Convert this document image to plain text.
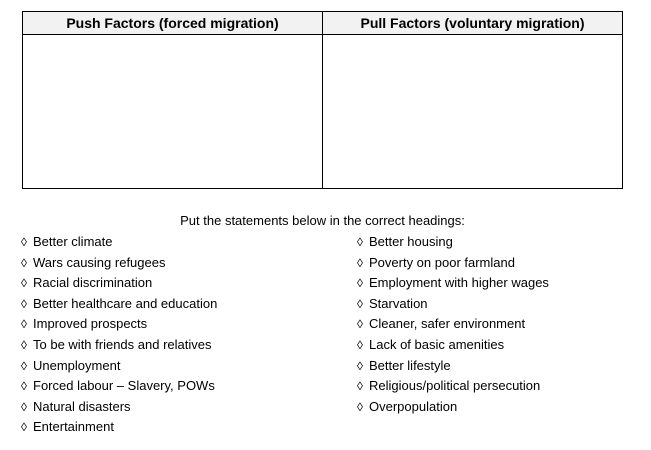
Push Factors (forced migration)	Pull Factors (voluntary migration)

Put the statements below in the correct headings:
◊ Better climate
◊ Wars causing refugees
◊ Racial discrimination
◊ Better healthcare and education
◊ Improved prospects
◊ To be with friends and relatives
◊ Unemployment
◊ Forced labour – Slavery, POWs
◊ Natural disasters
◊ Entertainment
◊ Better housing
◊ Poverty on poor farmland
◊ Employment with higher wages
◊ Starvation
◊ Cleaner, safer environment
◊ Lack of basic amenities
◊ Better lifestyle
◊ Religious/political persecution
◊ Overpopulation
